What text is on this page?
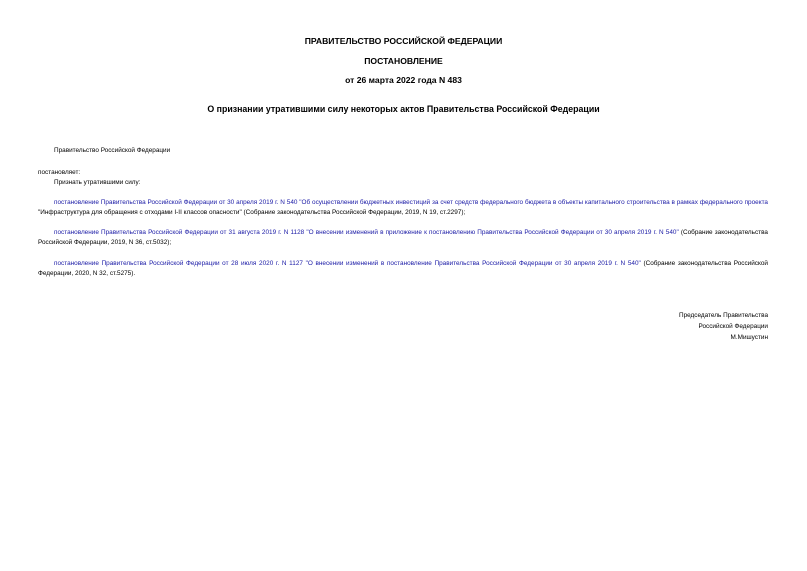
ПРАВИТЕЛЬСТВО РОССИЙСКОЙ ФЕДЕРАЦИИ
ПОСТАНОВЛЕНИЕ
от 26 марта 2022 года N 483
О признании утратившими силу некоторых актов Правительства Российской Федерации
Правительство Российской Федерации
постановляет:
Признать утратившими силу:
постановление Правительства Российской Федерации от 30 апреля 2019 г. N 540 "Об осуществлении бюджетных инвестиций за счет средств федерального бюджета в объекты капитального строительства в рамках федерального проекта "Инфраструктура для обращения с отходами I-II классов опасности" (Собрание законодательства Российской Федерации, 2019, N 19, ст.2297);
постановление Правительства Российской Федерации от 31 августа 2019 г. N 1128 "О внесении изменений в приложение к постановлению Правительства Российской Федерации от 30 апреля 2019 г. N 540" (Собрание законодательства Российской Федерации, 2019, N 36, ст.5032);
постановление Правительства Российской Федерации от 28 июля 2020 г. N 1127 "О внесении изменений в постановление Правительства Российской Федерации от 30 апреля 2019 г. N 540" (Собрание законодательства Российской Федерации, 2020, N 32, ст.5275).
Председатель Правительства
Российской Федерации
М.Мишустин
